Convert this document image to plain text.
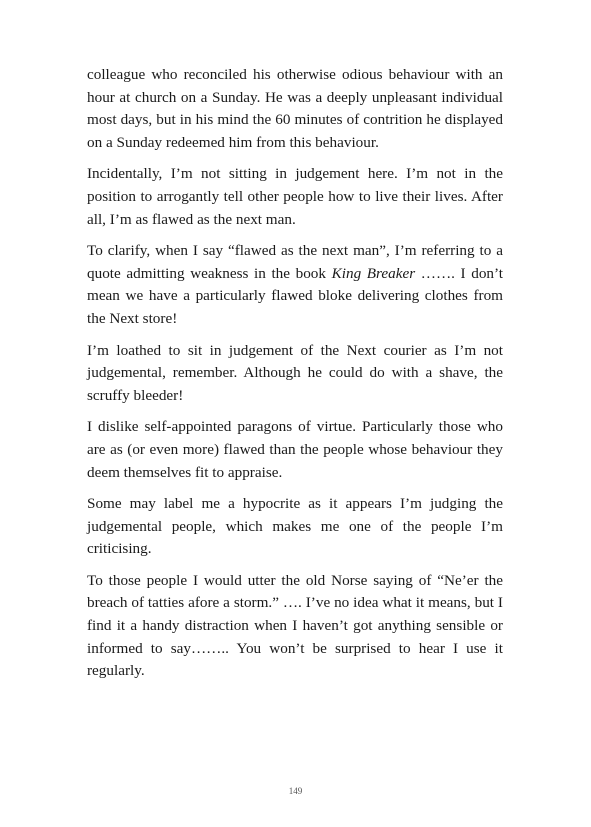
colleague who reconciled his otherwise odious behaviour with an hour at church on a Sunday. He was a deeply unpleasant individual most days, but in his mind the 60 minutes of contrition he displayed on a Sunday redeemed him from this behaviour.

Incidentally, I’m not sitting in judgement here. I’m not in the position to arrogantly tell other people how to live their lives. After all, I’m as flawed as the next man.

To clarify, when I say “flawed as the next man”, I’m referring to a quote admitting weakness in the book King Breaker ……. I don’t mean we have a particularly flawed bloke delivering clothes from the Next store!

I’m loathed to sit in judgement of the Next courier as I’m not judgemental, remember. Although he could do with a shave, the scruffy bleeder!

I dislike self-appointed paragons of virtue. Particularly those who are as (or even more) flawed than the people whose behaviour they deem themselves fit to appraise.

Some may label me a hypocrite as it appears I’m judging the judgemental people, which makes me one of the people I’m criticising.

To those people I would utter the old Norse saying of “Ne’er the breach of tatties afore a storm.” …. I’ve no idea what it means, but I find it a handy distraction when I haven’t got anything sensible or informed to say…….. You won’t be surprised to hear I use it regularly.

149
